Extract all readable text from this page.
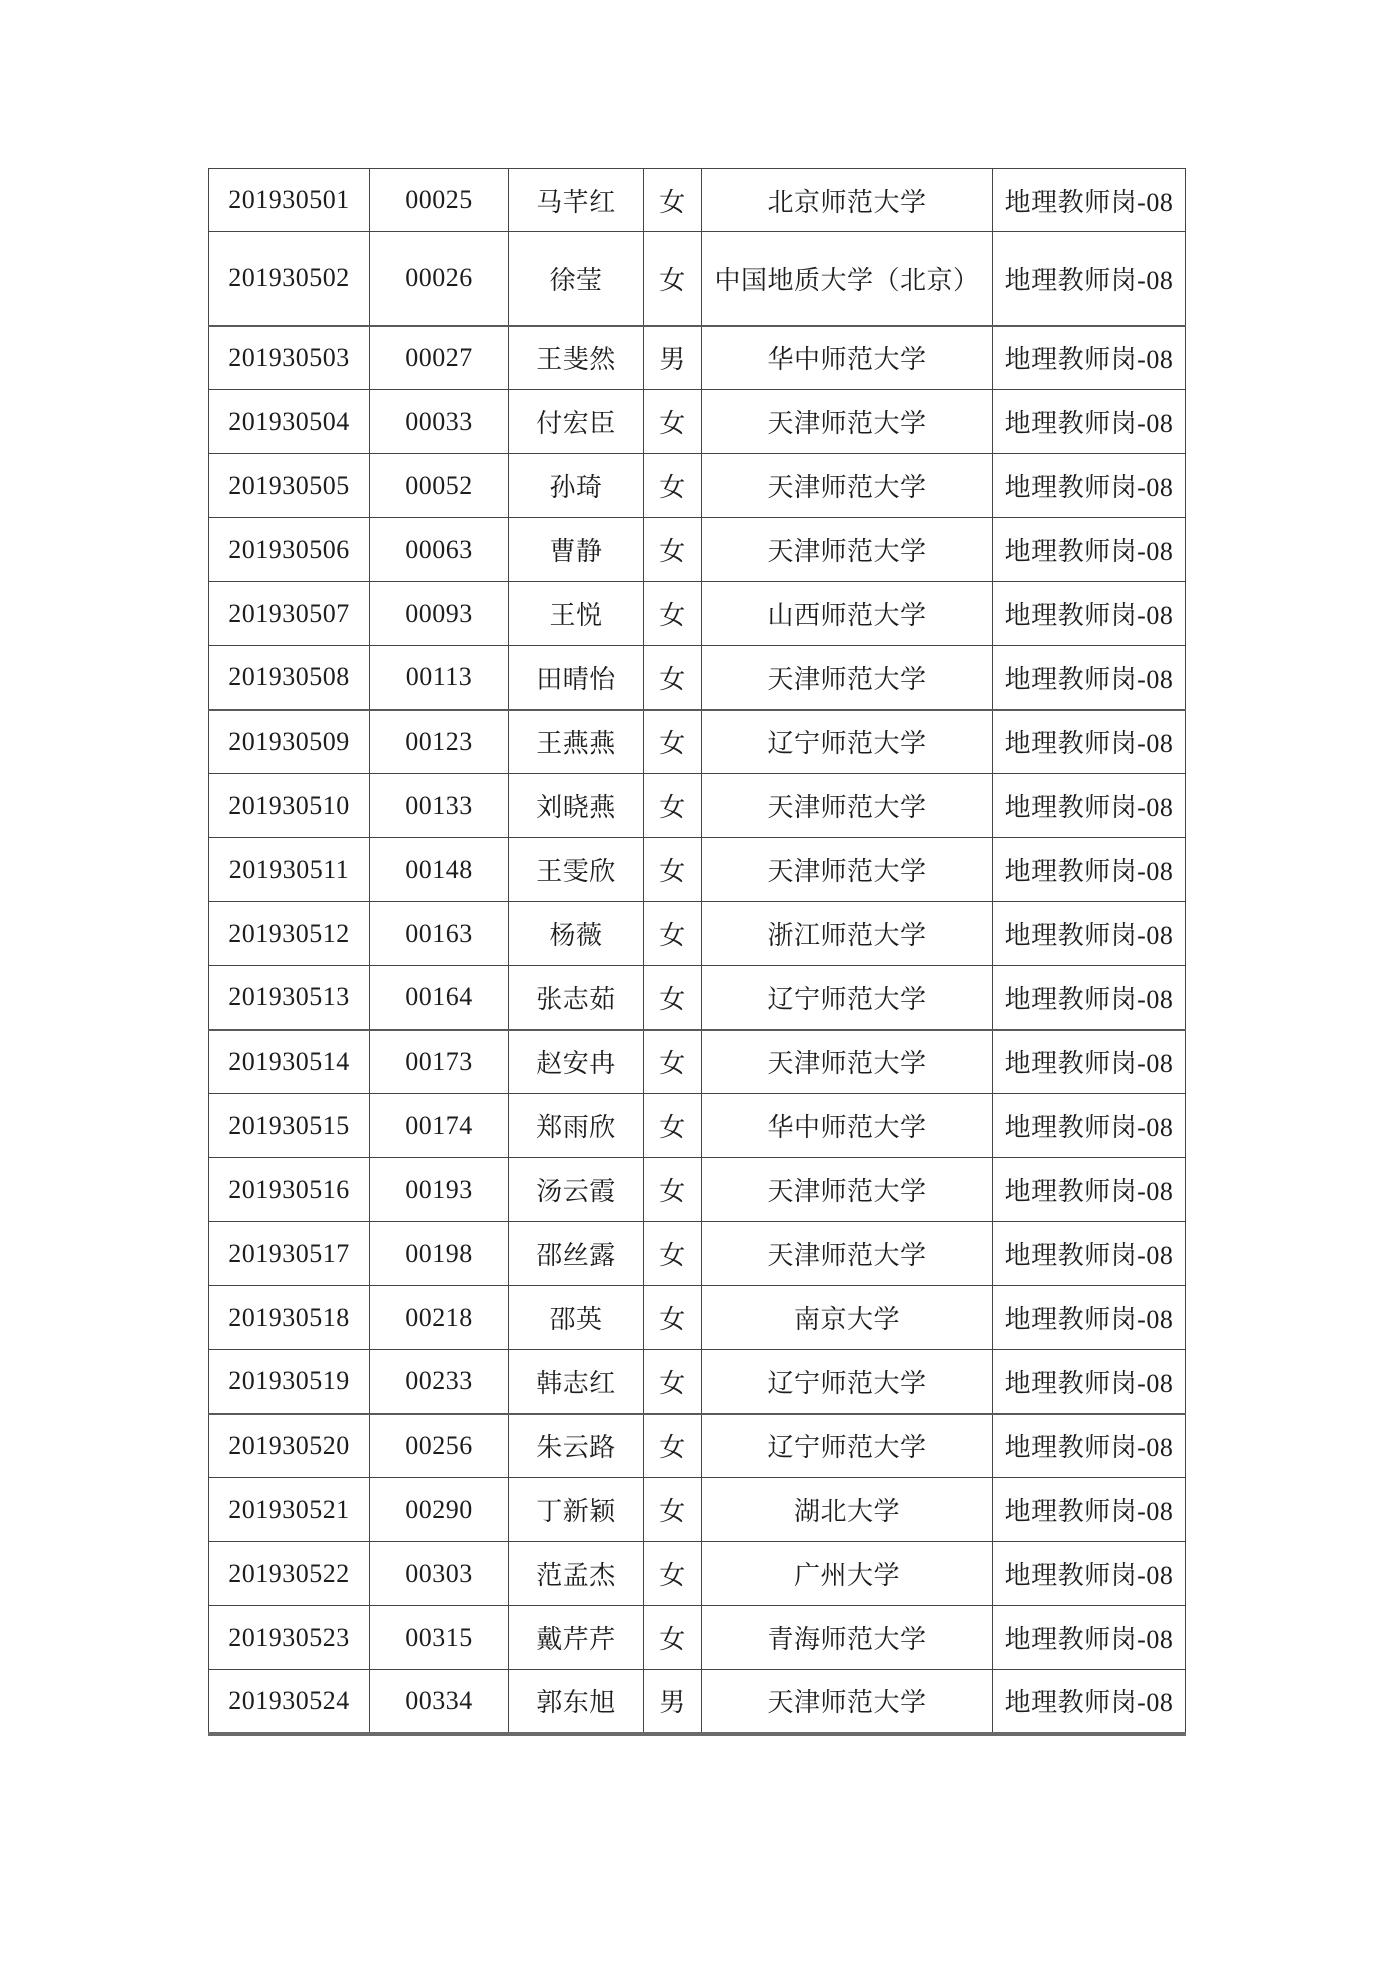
201930501	00025	马芊红	女	北京师范大学	地理教师岗-08
201930502	00026	徐莹	女	中国地质大学（北京）	地理教师岗-08
201930503	00027	王斐然	男	华中师范大学	地理教师岗-08
201930504	00033	付宏臣	女	天津师范大学	地理教师岗-08
201930505	00052	孙琦	女	天津师范大学	地理教师岗-08
201930506	00063	曹静	女	天津师范大学	地理教师岗-08
201930507	00093	王悦	女	山西师范大学	地理教师岗-08
201930508	00113	田晴怡	女	天津师范大学	地理教师岗-08
201930509	00123	王燕燕	女	辽宁师范大学	地理教师岗-08
201930510	00133	刘晓燕	女	天津师范大学	地理教师岗-08
201930511	00148	王雯欣	女	天津师范大学	地理教师岗-08
201930512	00163	杨薇	女	浙江师范大学	地理教师岗-08
201930513	00164	张志茹	女	辽宁师范大学	地理教师岗-08
201930514	00173	赵安冉	女	天津师范大学	地理教师岗-08
201930515	00174	郑雨欣	女	华中师范大学	地理教师岗-08
201930516	00193	汤云霞	女	天津师范大学	地理教师岗-08
201930517	00198	邵丝露	女	天津师范大学	地理教师岗-08
201930518	00218	邵英	女	南京大学	地理教师岗-08
201930519	00233	韩志红	女	辽宁师范大学	地理教师岗-08
201930520	00256	朱云路	女	辽宁师范大学	地理教师岗-08
201930521	00290	丁新颖	女	湖北大学	地理教师岗-08
201930522	00303	范孟杰	女	广州大学	地理教师岗-08
201930523	00315	戴芹芹	女	青海师范大学	地理教师岗-08
201930524	00334	郭东旭	男	天津师范大学	地理教师岗-08
